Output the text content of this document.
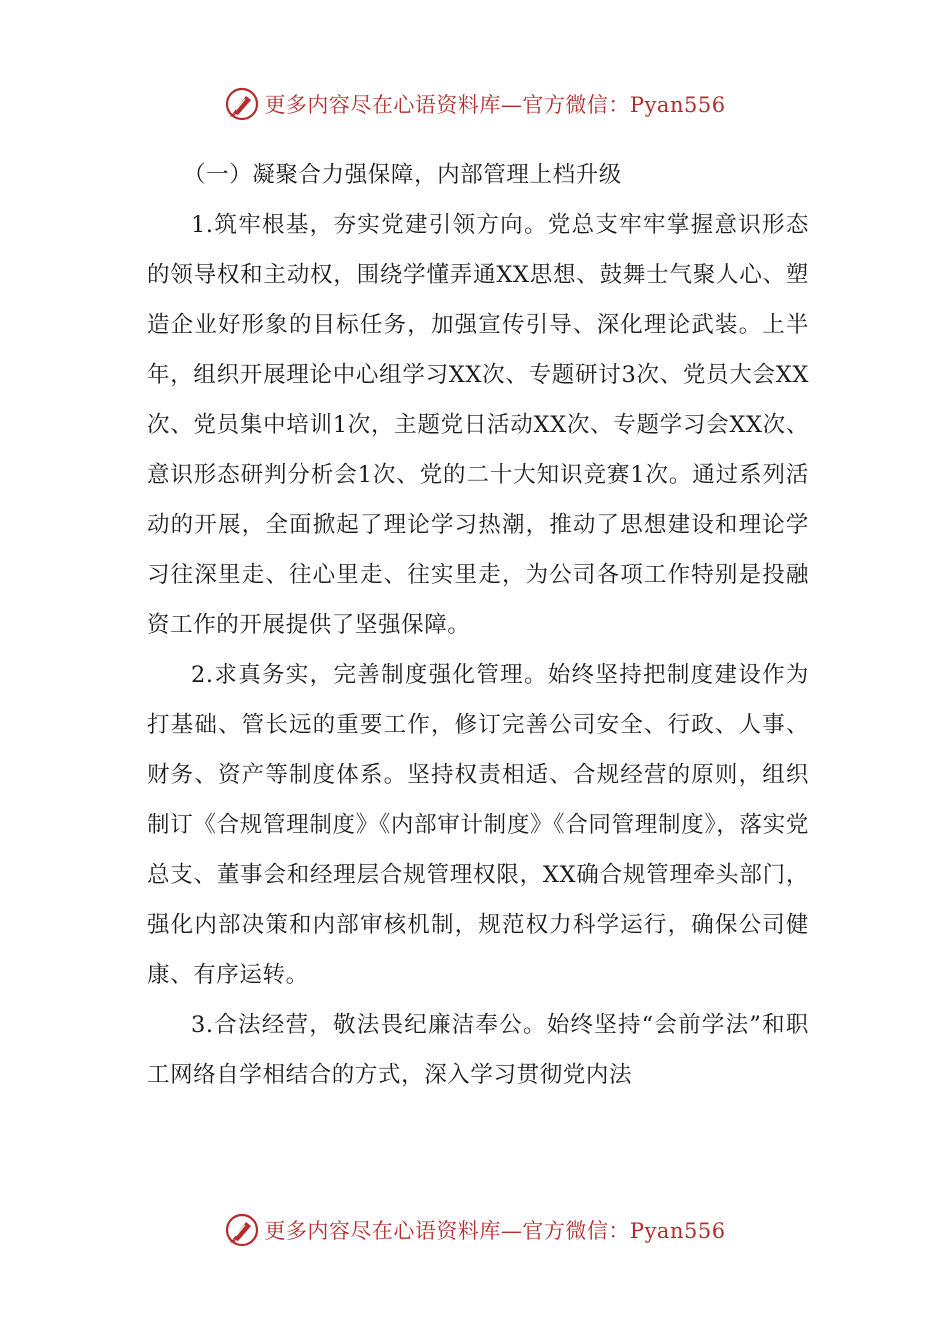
更多内容尽在心语资料库—官方微信：Pyan556

（一）凝聚合力强保障，内部管理上档升级

1.筑牢根基，夯实党建引领方向。党总支牢牢掌握意识形态的领导权和主动权，围绕学懂弄通XX思想、鼓舞士气聚人心、塑造企业好形象的目标任务，加强宣传引导、深化理论武装。上半年，组织开展理论中心组学习XX次、专题研讨3次、党员大会XX次、党员集中培训1次，主题党日活动XX次、专题学习会XX次、意识形态研判分析会1次、党的二十大知识竞赛1次。通过系列活动的开展，全面掀起了理论学习热潮，推动了思想建设和理论学习往深里走、往心里走、往实里走，为公司各项工作特别是投融资工作的开展提供了坚强保障。

2.求真务实，完善制度强化管理。始终坚持把制度建设作为打基础、管长远的重要工作，修订完善公司安全、行政、人事、财务、资产等制度体系。坚持权责相适、合规经营的原则，组织制订《合规管理制度》《内部审计制度》《合同管理制度》，落实党总支、董事会和经理层合规管理权限，XX确合规管理牵头部门，强化内部决策和内部审核机制，规范权力科学运行，确保公司健康、有序运转。

3.合法经营，敬法畏纪廉洁奉公。始终坚持“会前学法”和职工网络自学相结合的方式，深入学习贯彻党内法

更多内容尽在心语资料库—官方微信：Pyan556
